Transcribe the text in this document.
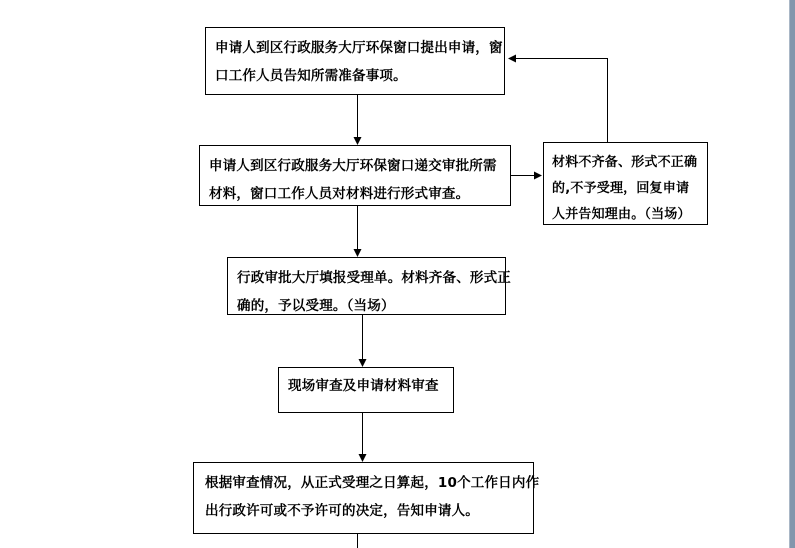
申请人到区行政服务大厅环保窗口提出申请，窗
口工作人员告知所需准备事项。
申请人到区行政服务大厅环保窗口递交审批所需
材料，窗口工作人员对材料进行形式审查。
材料不齐备、形式不正确
的,不予受理，回复申请
人并告知理由。（当场）
行政审批大厅填报受理单。材料齐备、形式正
确的，予以受理。（当场）
现场审查及申请材料审查
根据审查情况，从正式受理之日算起，10个工作日内作
出行政许可或不予许可的决定，告知申请人。
